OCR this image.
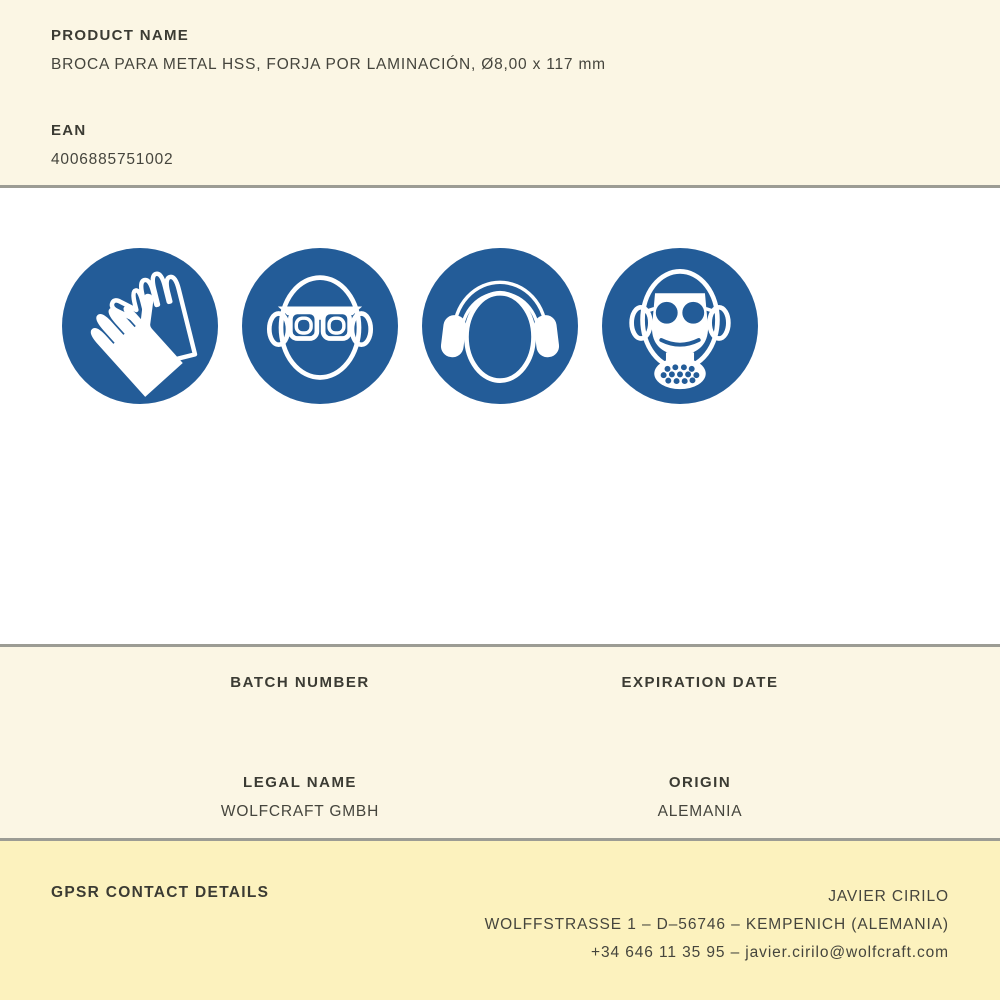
PRODUCT NAME
BROCA PARA METAL HSS, FORJA POR LAMINACIÓN, Ø8,00 x 117 mm
EAN
4006885751002
BATCH NUMBER	EXPIRATION DATE
LEGAL NAME
WOLFCRAFT GMBH
ORIGIN
ALEMANIA
GPSR CONTACT DETAILS	JAVIER CIRILO
WOLFFSTRASSE 1 – D–56746 – KEMPENICH (ALEMANIA)
+34 646 11 35 95 – javier.cirilo@wolfcraft.com
